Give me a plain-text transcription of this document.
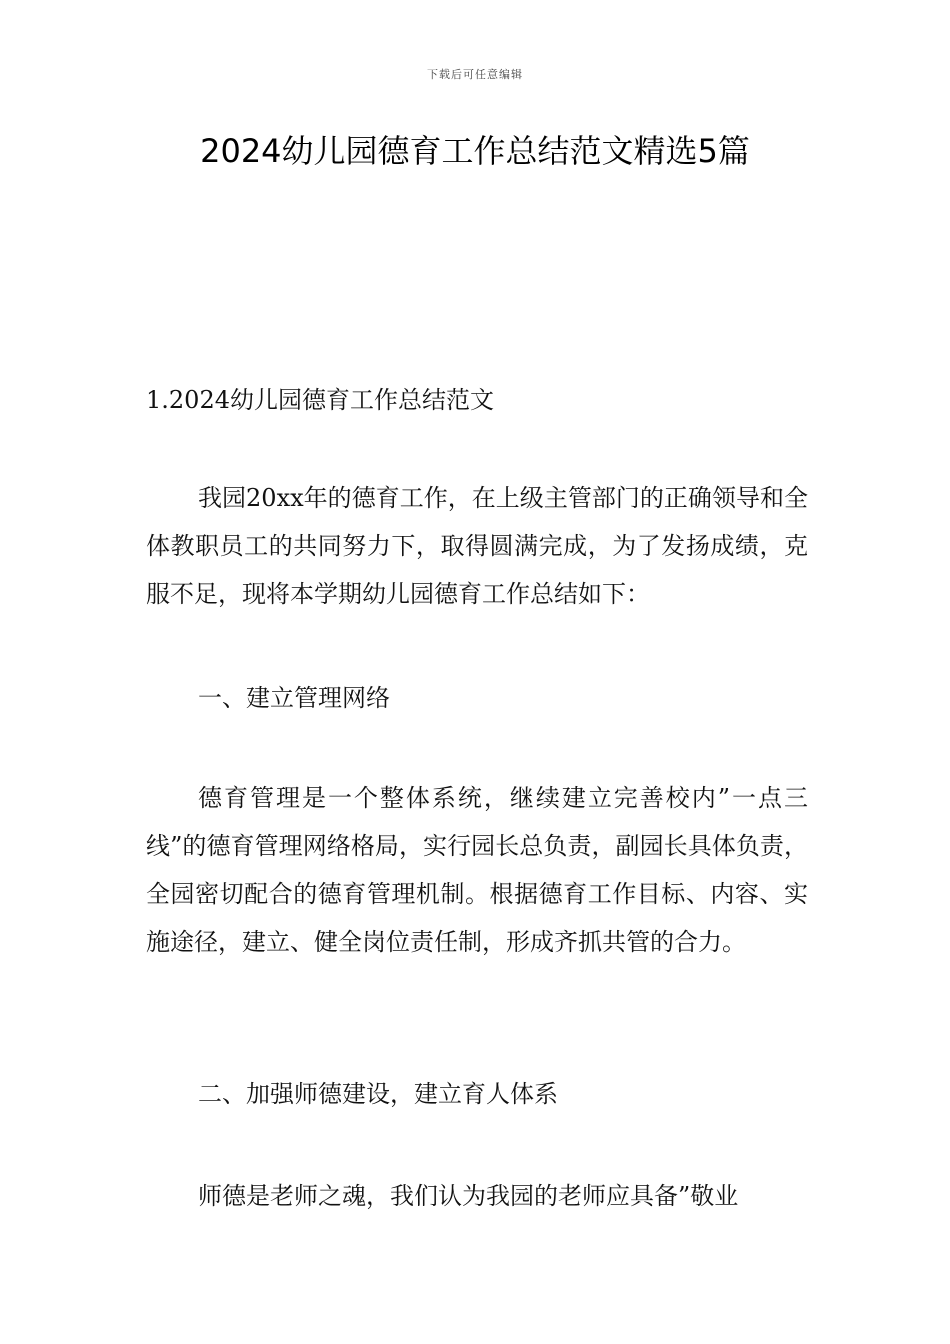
下载后可任意编辑
2024幼儿园德育工作总结范文精选5篇
1.2024幼儿园德育工作总结范文

我园20xx年的德育工作，在上级主管部门的正确领导和全体教职员工的共同努力下，取得圆满完成，为了发扬成绩，克服不足，现将本学期幼儿园德育工作总结如下：

一、建立管理网络

德育管理是一个整体系统，继续建立完善校内”一点三线”的德育管理网络格局，实行园长总负责，副园长具体负责，全园密切配合的德育管理机制。根据德育工作目标、内容、实施途径，建立、健全岗位责任制，形成齐抓共管的合力。

二、加强师德建设，建立育人体系

师德是老师之魂，我们认为我园的老师应具备”敬业
